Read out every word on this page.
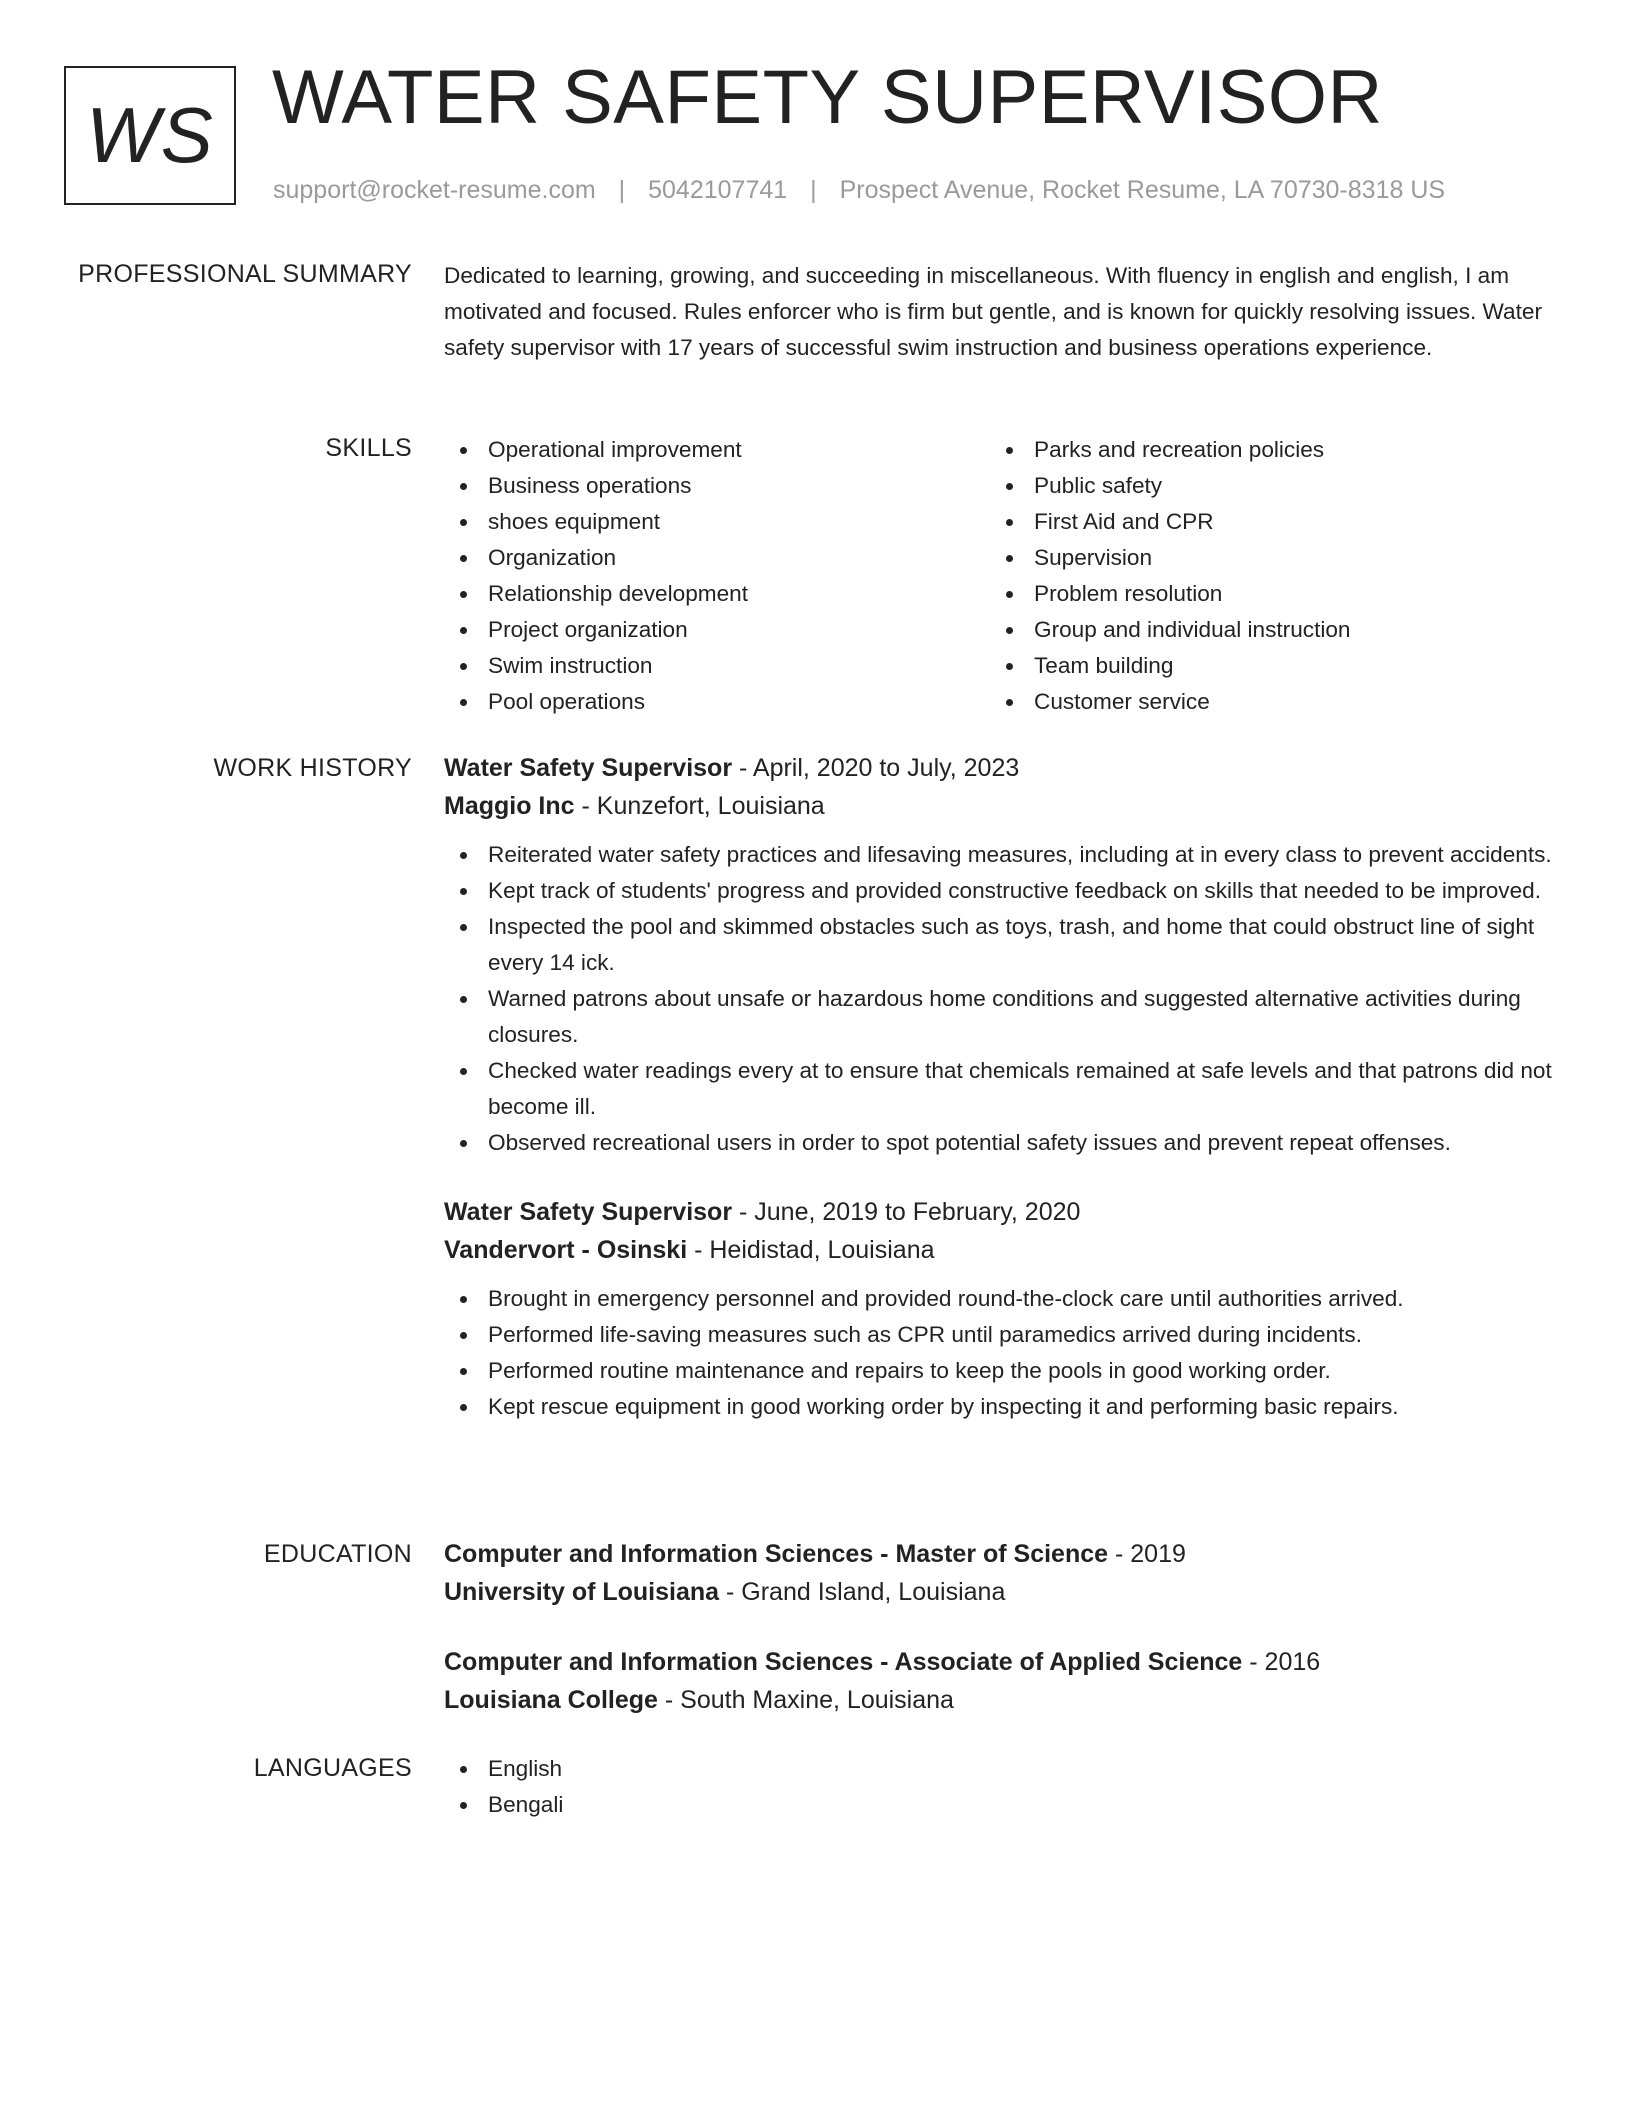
WS WATER SAFETY SUPERVISOR
support@rocket-resume.com | 5042107741 | Prospect Avenue, Rocket Resume, LA 70730-8318 US
PROFESSIONAL SUMMARY Dedicated to learning, growing, and succeeding in miscellaneous. With fluency in english and english, I am motivated and focused. Rules enforcer who is firm but gentle, and is known for quickly resolving issues. Water safety supervisor with 17 years of successful swim instruction and business operations experience.

SKILLS	Operational improvement
Business operations
shoes equipment
Organization
Relationship development
Project organization
Swim instruction
Pool operations
Parks and recreation policies
Public safety
First Aid and CPR
Supervision
Problem resolution
Group and individual instruction
Team building
Customer service
WORK HISTORY Water Safety Supervisor - April, 2020 to July, 2023
Maggio Inc - Kunzefort, Louisiana
Reiterated water safety practices and lifesaving measures, including at in every class to prevent accidents.
Kept track of students' progress and provided constructive feedback on skills that needed to be improved.
Inspected the pool and skimmed obstacles such as toys, trash, and home that could obstruct line of sight every 14 ick.
Warned patrons about unsafe or hazardous home conditions and suggested alternative activities during closures.
Checked water readings every at to ensure that chemicals remained at safe levels and that patrons did not become ill.
Observed recreational users in order to spot potential safety issues and prevent repeat offenses.
Water Safety Supervisor - June, 2019 to February, 2020
Vandervort - Osinski - Heidistad, Louisiana
Brought in emergency personnel and provided round-the-clock care until authorities arrived.
Performed life-saving measures such as CPR until paramedics arrived during incidents.
Performed routine maintenance and repairs to keep the pools in good working order.
Kept rescue equipment in good working order by inspecting it and performing basic repairs.
EDUCATION Computer and Information Sciences - Master of Science - 2019
University of Louisiana - Grand Island, Louisiana
Computer and Information Sciences - Associate of Applied Science - 2016
Louisiana College - South Maxine, Louisiana
LANGUAGES	English
Bengali
